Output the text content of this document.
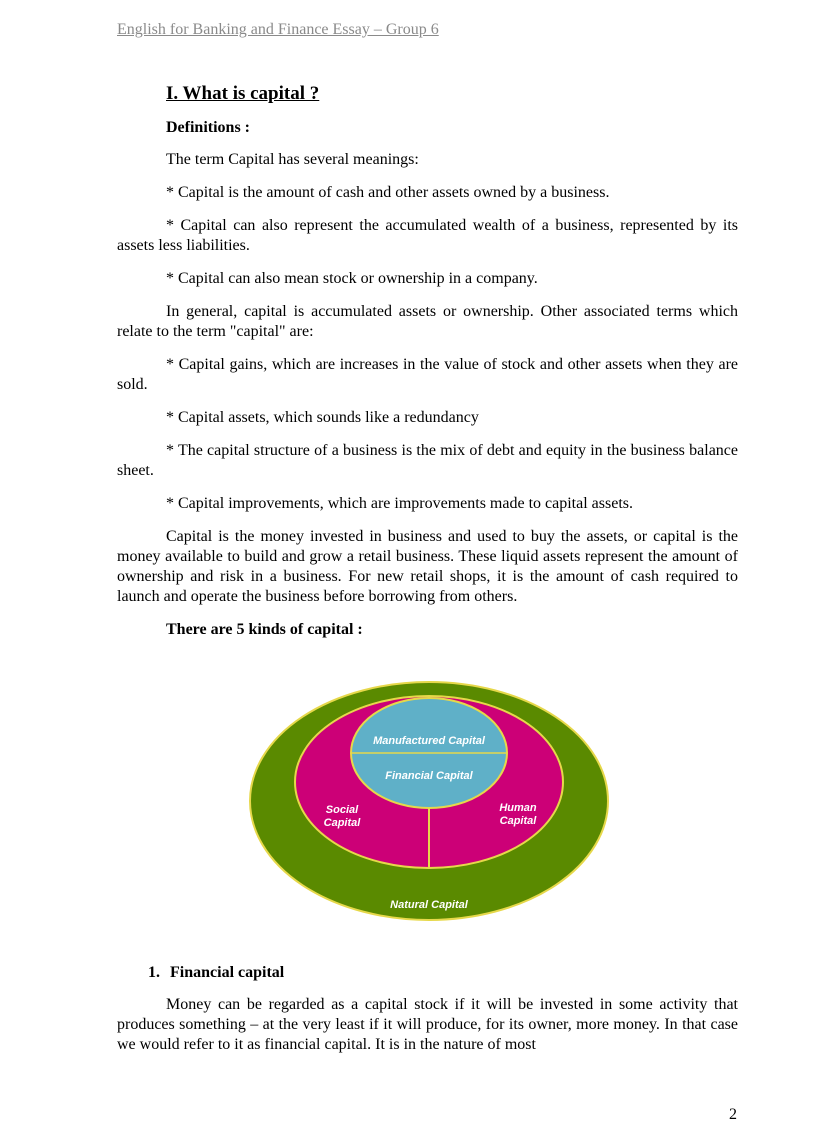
English for Banking and Finance Essay – Group 6
I. What is capital ?
Definitions :
The term Capital has several meanings:
* Capital is the amount of cash and other assets owned by a business.
* Capital can also represent the accumulated wealth of a business, represented by its assets less liabilities.
* Capital can also mean stock or ownership in a company.
In general, capital is accumulated assets or ownership. Other associated terms which relate to the term "capital" are:
* Capital gains, which are increases in the value of stock and other assets when they are sold.
* Capital assets, which sounds like a redundancy
* The capital structure of a business is the mix of debt and equity in the business balance sheet.
* Capital improvements, which are improvements made to capital assets.
Capital is the money invested in business and used to buy the assets, or capital is the money available to build and grow a retail business. These liquid assets represent the amount of ownership and risk in a business. For new retail shops, it is the amount of cash required to launch and operate the business before borrowing from others.
There are 5 kinds of capital :
Manufactured Capital
Financial Capital
Social
Capital
Human
Capital
Natural Capital
1. Financial capital
Money can be regarded as a capital stock if it will be invested in some activity that produces something – at the very least if it will produce, for its owner, more money. In that case we would refer to it as financial capital. It is in the nature of most
2
